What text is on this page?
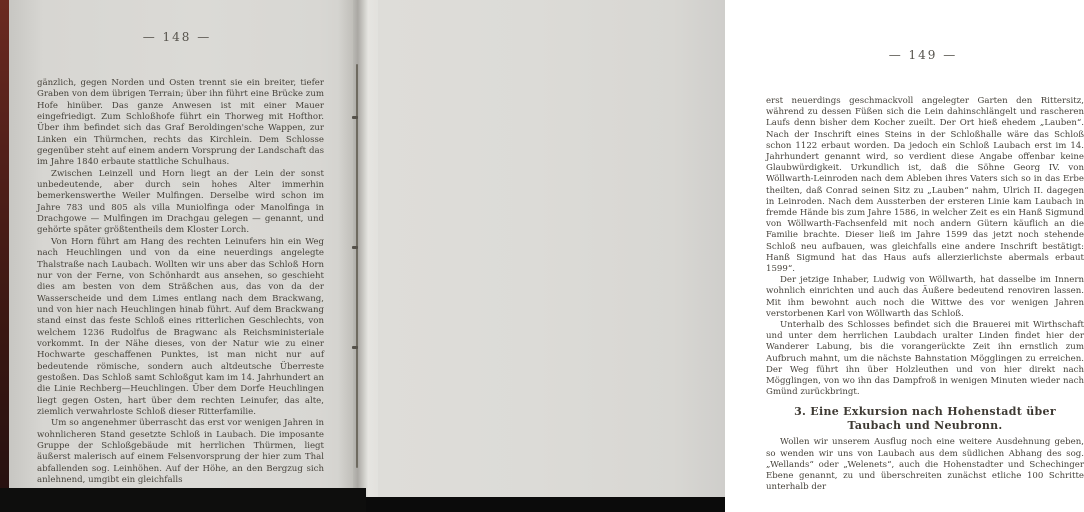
— 148 —

gänzlich, gegen Norden und Osten trennt sie ein breiter, tiefer Graben von dem übrigen Terrain; über ihn führt eine Brücke zum Hofe hinüber. Das ganze Anwesen ist mit einer Mauer eingefriedigt. Zum Schloßhofe führt ein Thorweg mit Hofthor. Über ihm befindet sich das Graf Beroldingen'sche Wappen, zur Linken ein Thürmchen, rechts das Kirchlein. Dem Schlosse gegenüber steht auf einem andern Vorsprung der Landschaft das im Jahre 1840 erbaute stattliche Schulhaus.

Zwischen Leinzell und Horn liegt an der Lein der sonst unbedeutende, aber durch sein hohes Alter immerhin bemerkenswerthe Weiler Mulfingen. Derselbe wird schon im Jahre 783 und 805 als villa Muniolfinga oder Manolfinga in Drachgowe — Mulfingen im Drachgau gelegen — genannt, und gehörte später größtentheils dem Kloster Lorch.

Von Horn führt am Hang des rechten Leinufers hin ein Weg nach Heuchlingen und von da eine neuerdings angelegte Thalstraße nach Laubach. Wollten wir uns aber das Schloß Horn nur von der Ferne, von Schönhardt aus ansehen, so geschieht dies am besten von dem Sträßchen aus, das von da der Wasserscheide und dem Limes entlang nach dem Brackwang, und von hier nach Heuchlingen hinab führt. Auf dem Brackwang stand einst das feste Schloß eines ritterlichen Geschlechts, von welchem 1236 Rudolfus de Bragwanc als Reichsministeriale vorkommt. In der Nähe dieses, von der Natur wie zu einer Hochwarte geschaffenen Punktes, ist man nicht nur auf bedeutende römische, sondern auch altdeutsche Überreste gestoßen. Das Schloß samt Schloßgut kam im 14. Jahrhundert an die Linie Rechberg—Heuchlingen. Über dem Dorfe Heuchlingen liegt gegen Osten, hart über dem rechten Leinufer, das alte, ziemlich verwahrloste Schloß dieser Ritterfamilie.

Um so angenehmer überrascht das erst vor wenigen Jahren in wohnlicheren Stand gesetzte Schloß in Laubach. Die imposante Gruppe der Schloßgebäude mit herrlichen Thürmen, liegt äußerst malerisch auf einem Felsenvorsprung der hier zum Thal abfallenden sog. Leinhöhen. Auf der Höhe, an den Bergzug sich anlehnend, umgibt ein gleichfalls

— 149 —

erst neuerdings geschmackvoll angelegter Garten den Rittersitz, während zu dessen Füßen sich die Lein dahinschlängelt und rascheren Laufs denn bisher dem Kocher zueilt. Der Ort hieß ehedem „Lauben“. Nach der Inschrift eines Steins in der Schloßhalle wäre das Schloß schon 1122 erbaut worden. Da jedoch ein Schloß Laubach erst im 14. Jahrhundert genannt wird, so verdient diese Angabe offenbar keine Glaubwürdigkeit. Urkundlich ist, daß die Söhne Georg IV. von Wöllwarth-Leinroden nach dem Ableben ihres Vaters sich so in das Erbe theilten, daß Conrad seinen Sitz zu „Lauben“ nahm, Ulrich II. dagegen in Leinroden. Nach dem Aussterben der ersteren Linie kam Laubach in fremde Hände bis zum Jahre 1586, in welcher Zeit es ein Hanß Sigmund von Wöllwarth-Fachsenfeld mit noch andern Gütern käuflich an die Familie brachte. Dieser ließ im Jahre 1599 das jetzt noch stehende Schloß neu aufbauen, was gleichfalls eine andere Inschrift bestätigt: Hanß Sigmund hat das Haus aufs allerzierlichste abermals erbaut 1599“.

Der jetzige Inhaber, Ludwig von Wöllwarth, hat dasselbe im Innern wohnlich einrichten und auch das Äußere bedeutend renoviren lassen. Mit ihm bewohnt auch noch die Wittwe des vor wenigen Jahren verstorbenen Karl von Wöllwarth das Schloß.

Unterhalb des Schlosses befindet sich die Brauerei mit Wirthschaft und unter dem herrlichen Laubdach uralter Linden findet hier der Wanderer Labung, bis die vorangerückte Zeit ihn ernstlich zum Aufbruch mahnt, um die nächste Bahnstation Mögglingen zu erreichen. Der Weg führt ihn über Holzleuthen und von hier direkt nach Mögglingen, von wo ihn das Dampfroß in wenigen Minuten wieder nach Gmünd zurückbringt.

3. Eine Exkursion nach Hohenstadt über Taubach und Neubronn.

Wollen wir unserem Ausflug noch eine weitere Ausdehnung geben, so wenden wir uns von Laubach aus dem südlichen Abhang des sog. „Wellands“ oder „Welenets“, auch die Hohenstadter und Schechinger Ebene genannt, zu und überschreiten zunächst etliche 100 Schritte unterhalb der
